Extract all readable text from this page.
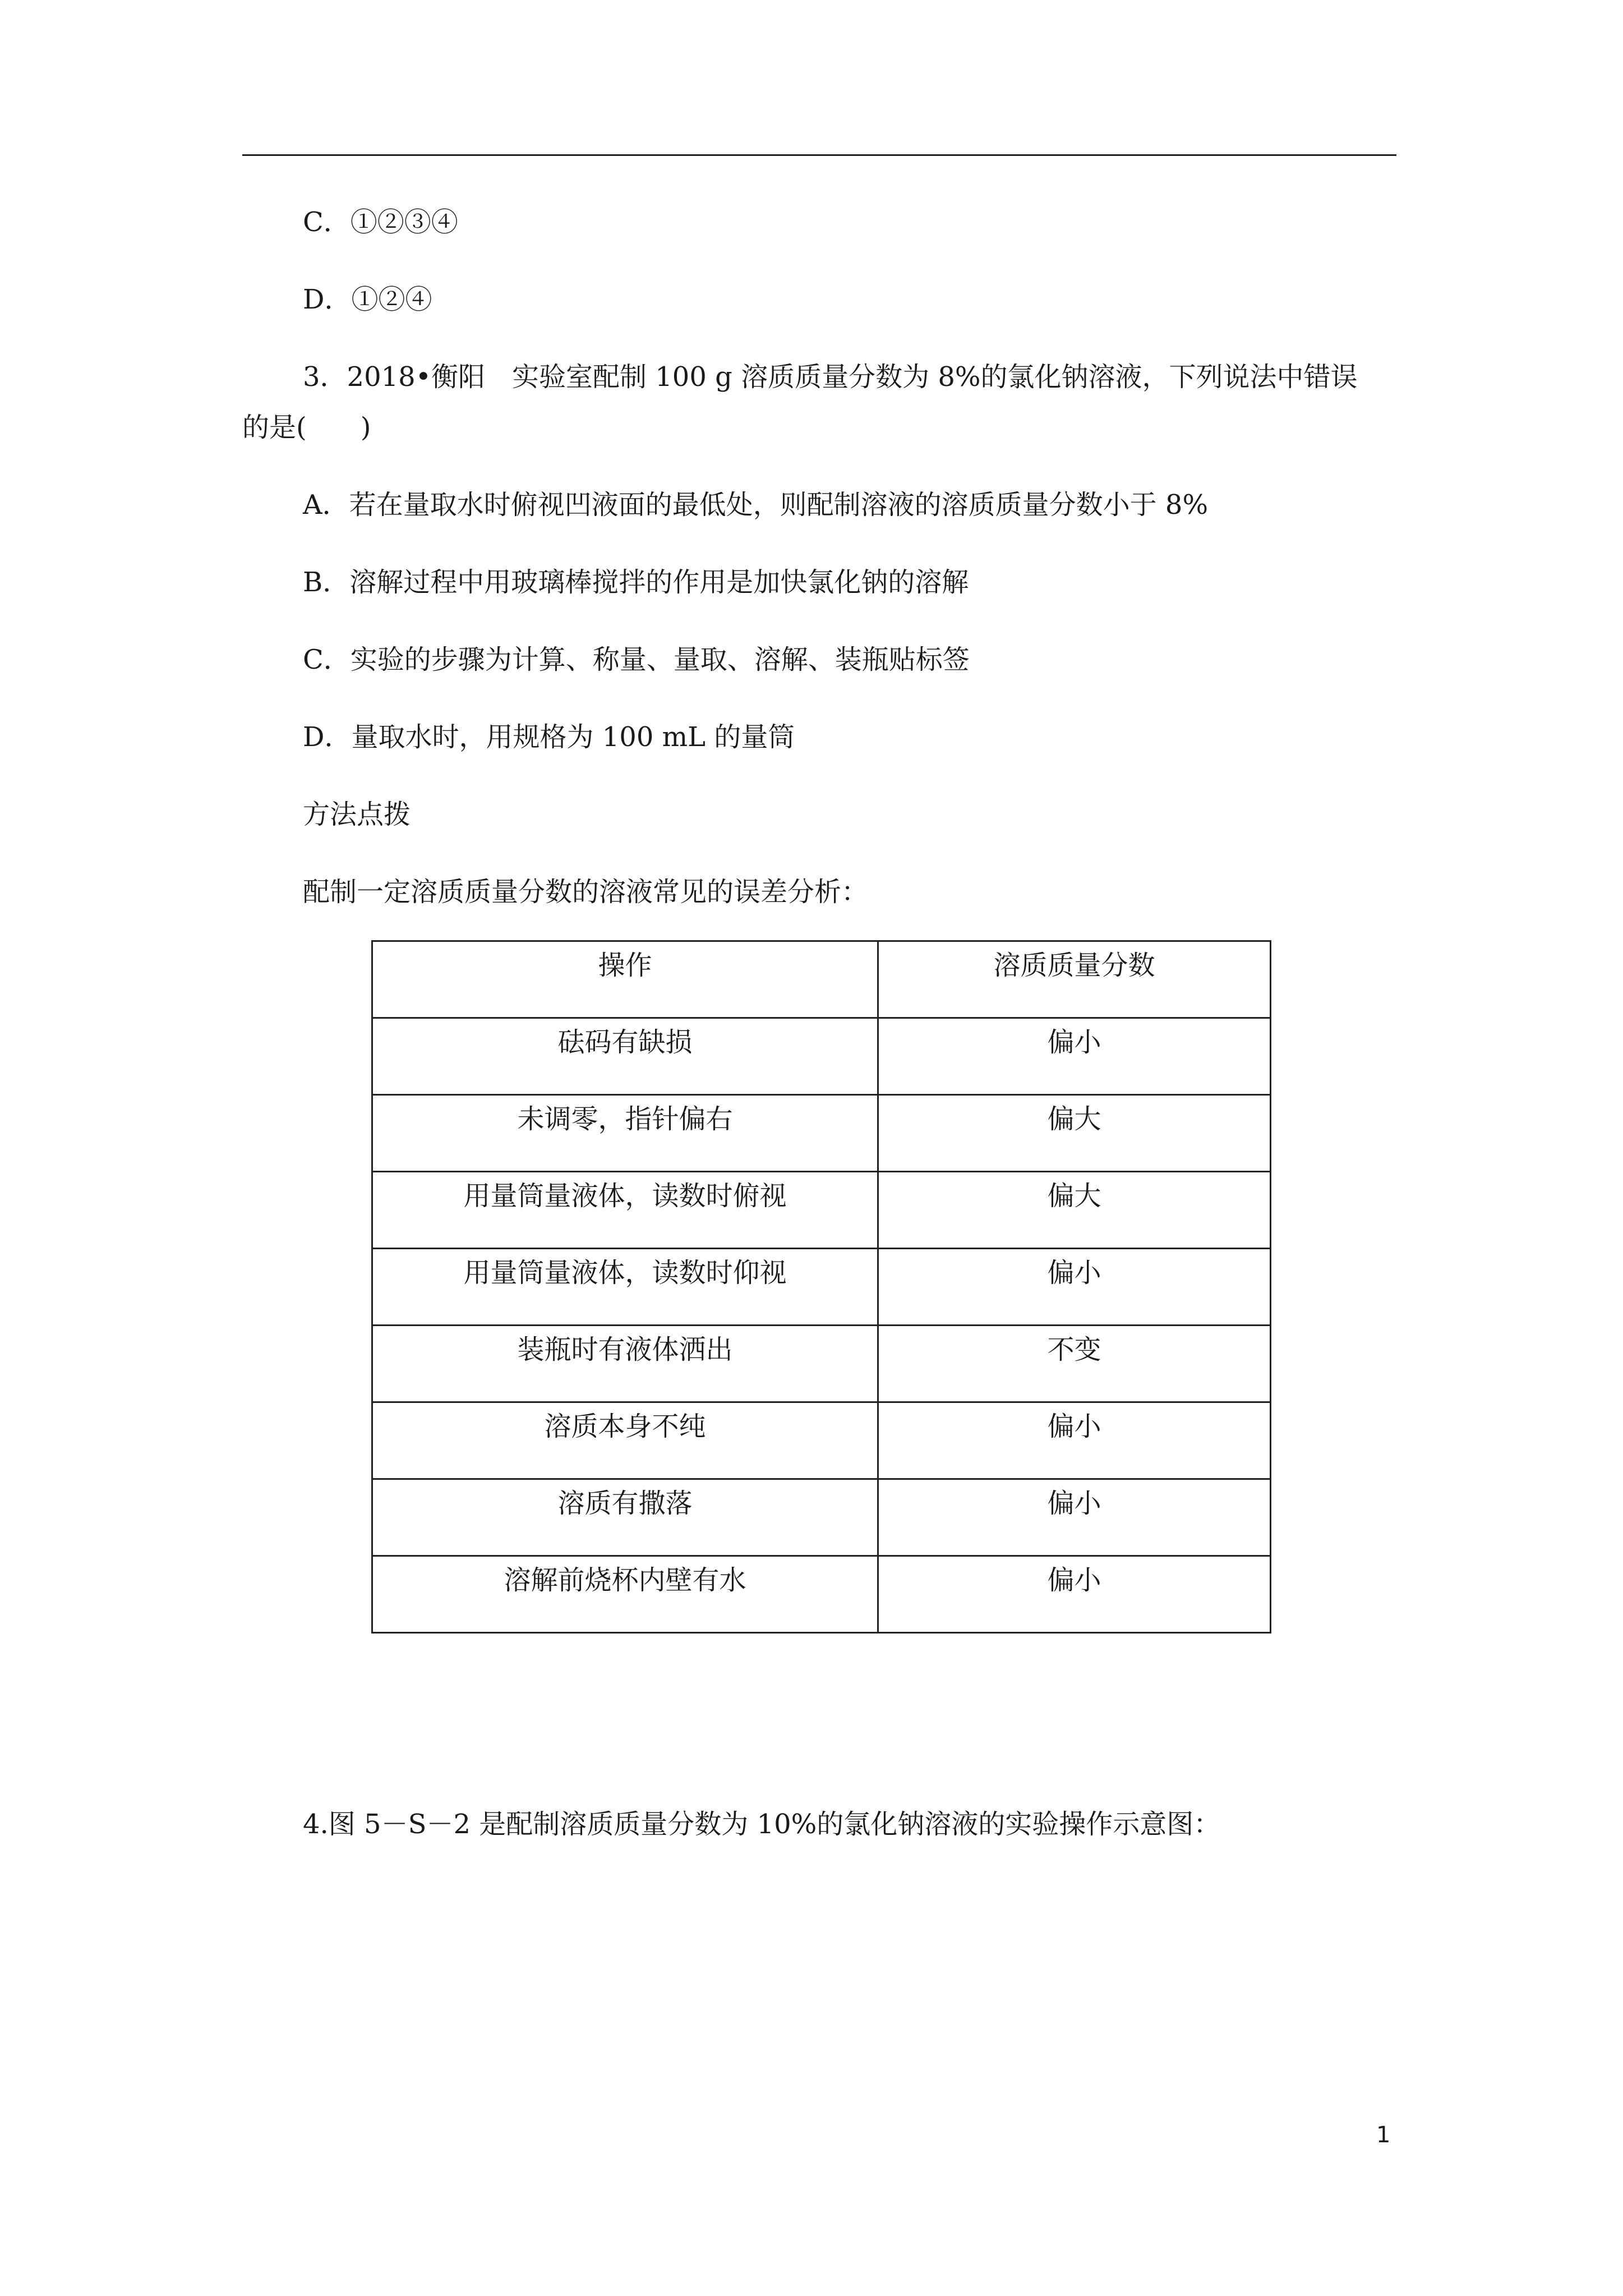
C．①②③④
D．①②④
3．2018•衡阳　实验室配制 100 g 溶质质量分数为 8%的氯化钠溶液，下列说法中错误
的是(　　)
A．若在量取水时俯视凹液面的最低处，则配制溶液的溶质质量分数小于 8%
B．溶解过程中用玻璃棒搅拌的作用是加快氯化钠的溶解
C．实验的步骤为计算、称量、量取、溶解、装瓶贴标签
D．量取水时，用规格为 100 mL 的量筒
方法点拨
配制一定溶质质量分数的溶液常见的误差分析：
操作	溶质质量分数

砝码有缺损	偏小

未调零，指针偏右	偏大

用量筒量液体，读数时俯视	偏大

用量筒量液体，读数时仰视	偏小

装瓶时有液体洒出	不变

溶质本身不纯	偏小

溶质有撒落	偏小

溶解前烧杯内壁有水	偏小
4.图 5－S－2 是配制溶质质量分数为 10%的氯化钠溶液的实验操作示意图：
1
